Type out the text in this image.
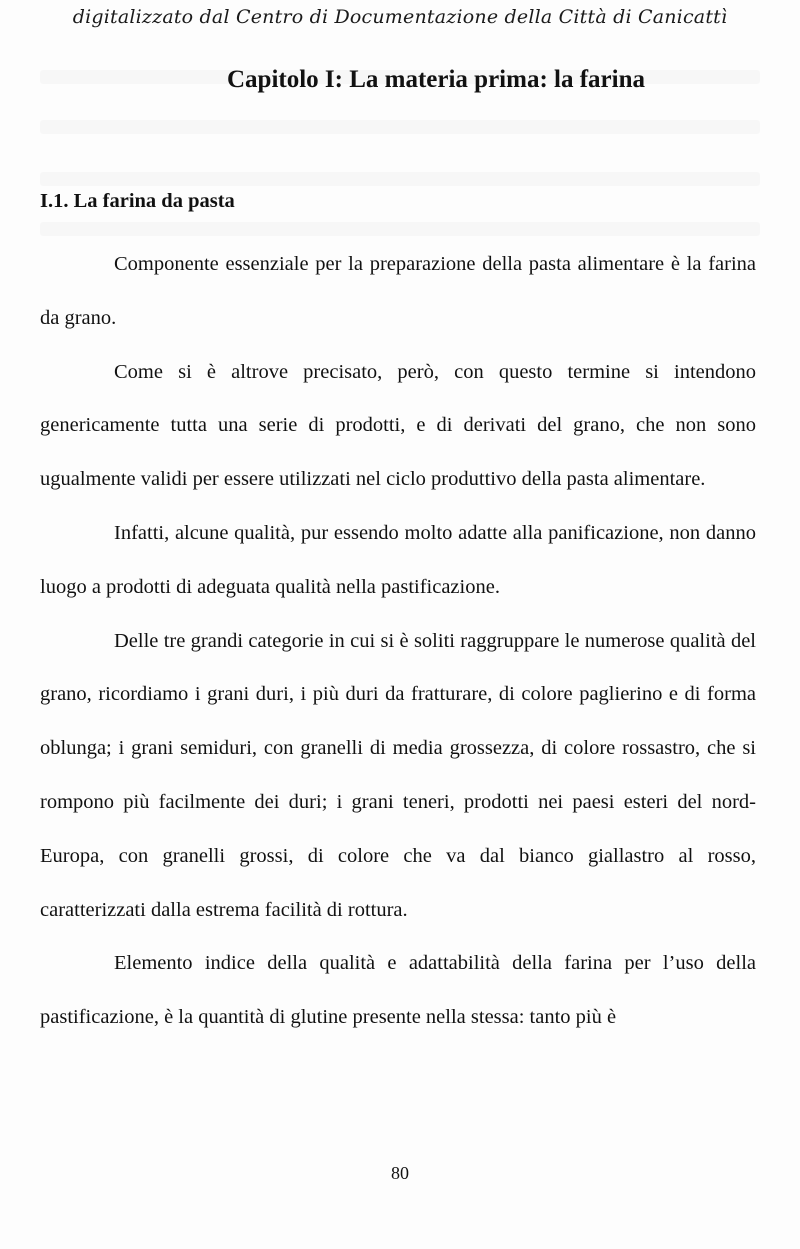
digitalizzato dal Centro di Documentazione della Città di Canicattì
Capitolo I: La materia prima: la farina
I.1. La farina da pasta

Componente essenziale per la preparazione della pasta alimentare è la farina da grano.

Come si è altrove precisato, però, con questo termine si intendono genericamente tutta una serie di prodotti, e di derivati del grano, che non sono ugualmente validi per essere utilizzati nel ciclo produttivo della pasta alimentare.

Infatti, alcune qualità, pur essendo molto adatte alla panificazione, non danno luogo a prodotti di adeguata qualità nella pastificazione.

Delle tre grandi categorie in cui si è soliti raggruppare le numerose qualità del grano, ricordiamo i grani duri, i più duri da fratturare, di colore paglierino e di forma oblunga; i grani semiduri, con granelli di media grossezza, di colore rossastro, che si rompono più facilmente dei duri; i grani teneri, prodotti nei paesi esteri del nord-Europa, con granelli grossi, di colore che va dal bianco giallastro al rosso, caratterizzati dalla estrema facilità di rottura.

Elemento indice della qualità e adattabilità della farina per l’uso della pastificazione, è la quantità di glutine presente nella stessa: tanto più è

80
